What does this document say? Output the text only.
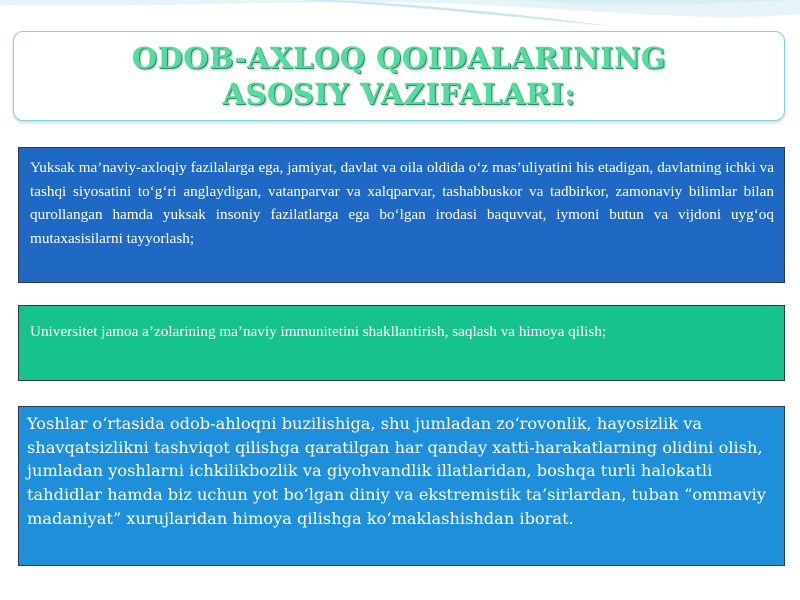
ODOB-AXLOQ QOIDALARINING ASOSIY VAZIFALARI:

Yuksak ma’naviy-axloqiy fazilalarga ega, jamiyat, davlat va oila oldida o‘z mas’uliyatini his etadigan, davlatning ichki va tashqi siyosatini to‘g‘ri anglaydigan, vatanparvar va xalqparvar, tashabbuskor va tadbirkor, zamonaviy bilimlar bilan qurollangan hamda yuksak insoniy fazilatlarga ega bo‘lgan irodasi baquvvat, iymoni butun va vijdoni uyg‘oq mutaxasisilarni tayyorlash;

Universitet jamoa a’zolarining ma’naviy immunitetini shakllantirish, saqlash va himoya qilish;

Yoshlar o‘rtasida odob-ahloqni buzilishiga, shu jumladan zo‘rovonlik, hayosizlik va shavqatsizlikni tashviqot qilishga qaratilgan har qanday xatti-harakatlarning olidini olish, jumladan yoshlarni ichkilikbozlik va giyohvandlik illatlaridan, boshqa turli halokatli tahdidlar hamda biz uchun yot bo‘lgan diniy va ekstremistik ta’sirlardan, tuban “ommaviy madaniyat” xurujlaridan himoya qilishga ko‘maklashishdan iborat.
